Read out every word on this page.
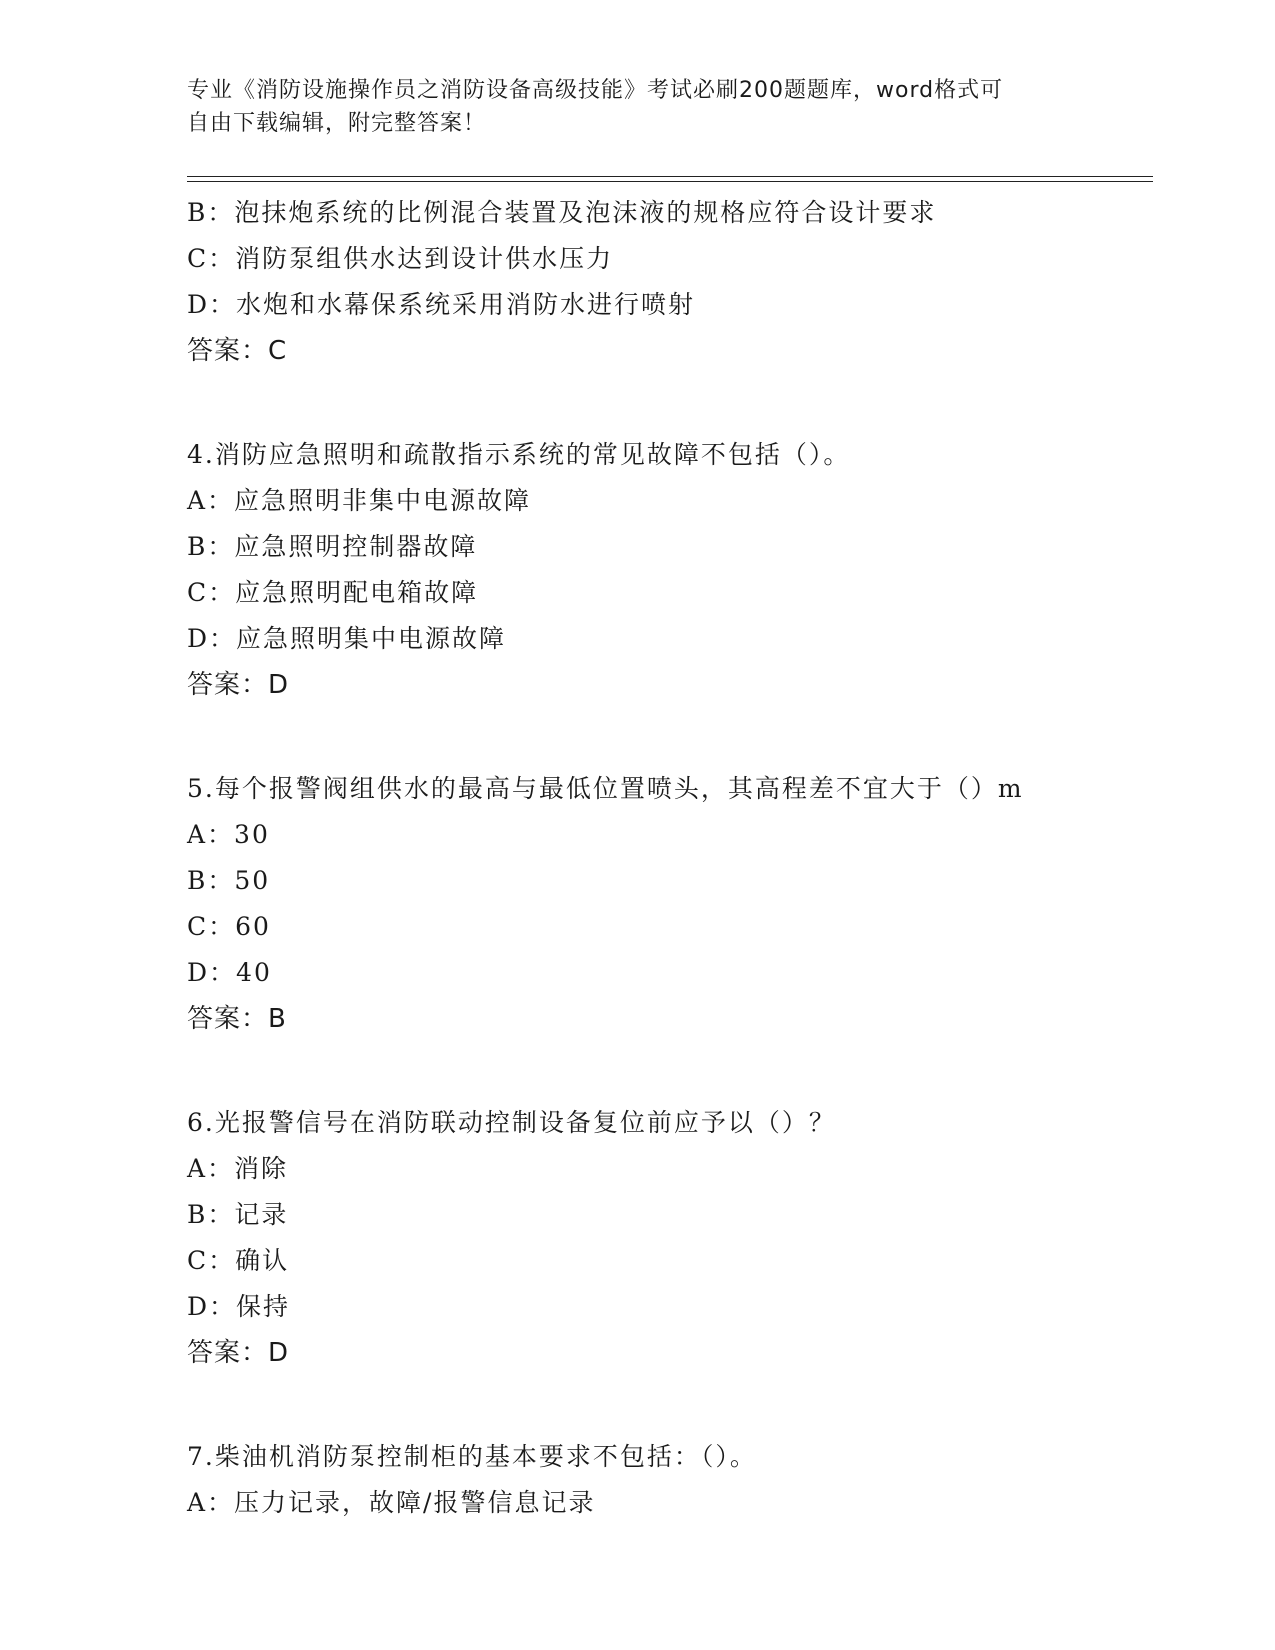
专业《消防设施操作员之消防设备高级技能》考试必刷200题题库，word格式可
自由下载编辑，附完整答案！
B：泡抹炮系统的比例混合装置及泡沫液的规格应符合设计要求
C：消防泵组供水达到设计供水压力
D：水炮和水幕保系统采用消防水进行喷射
答案：C
4.消防应急照明和疏散指示系统的常见故障不包括（）。
A：应急照明非集中电源故障
B：应急照明控制器故障
C：应急照明配电箱故障
D：应急照明集中电源故障
答案：D
5.每个报警阀组供水的最高与最低位置喷头，其高程差不宜大于（）m
A：30
B：50
C：60
D：40
答案：B
6.光报警信号在消防联动控制设备复位前应予以（）？
A：消除
B：记录
C：确认
D：保持
答案：D
7.柴油机消防泵控制柜的基本要求不包括：（）。
A：压力记录，故障/报警信息记录
